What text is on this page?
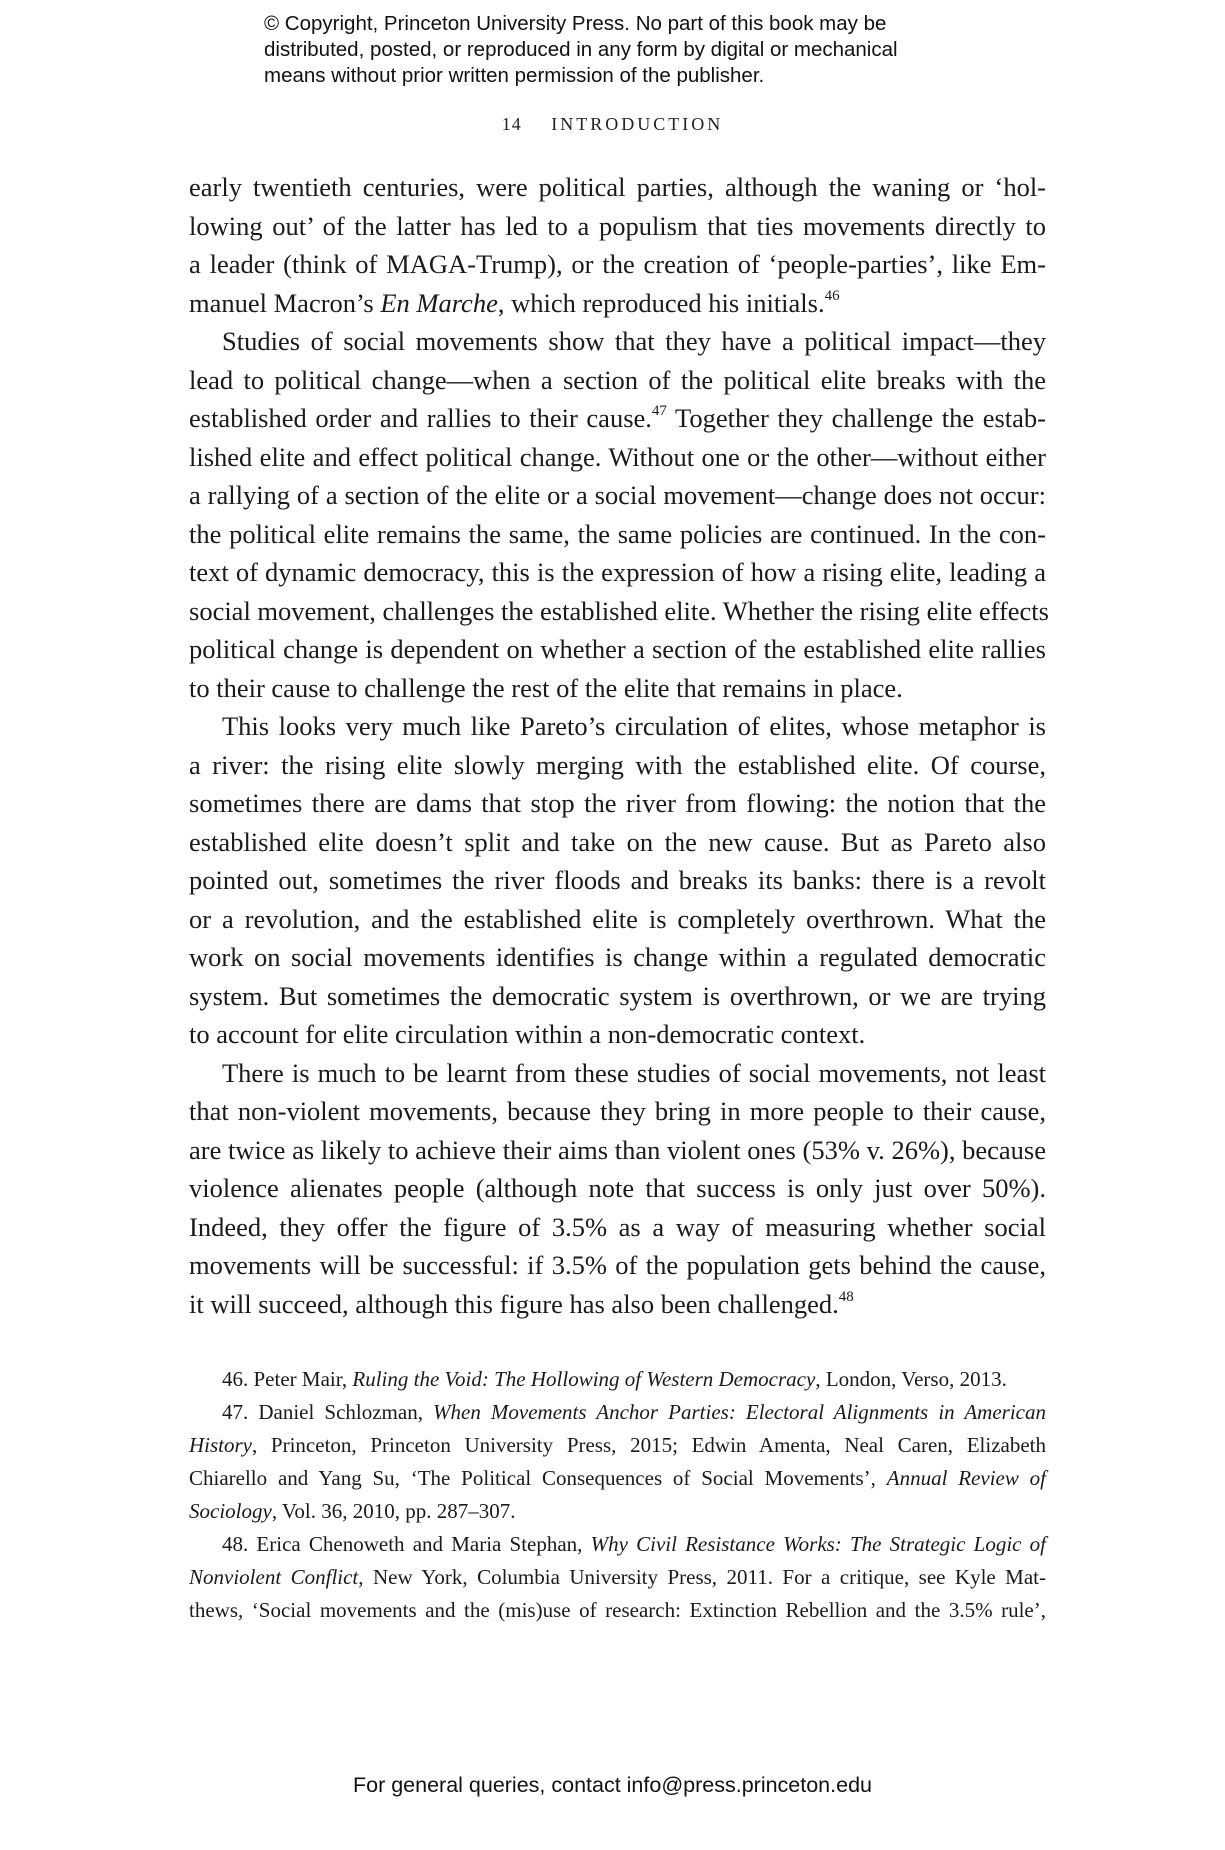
© Copyright, Princeton University Press. No part of this book may be
distributed, posted, or reproduced in any form by digital or mechanical
means without prior written permission of the publisher.
14 INTRODUCTION
early twentieth centuries, were political parties, although the waning or ‘hol-
lowing out’ of the latter has led to a populism that ties movements directly to
a leader (think of MAGA-Trump), or the creation of ‘people-parties’, like Em-
manuel Macron’s En Marche, which reproduced his initials.$^{46}$
Studies of social movements show that they have a political impact—they
lead to political change—when a section of the political elite breaks with the
established order and rallies to their cause.$^{47}$ Together they challenge the estab-
lished elite and effect political change. Without one or the other—without either
a rallying of a section of the elite or a social movement—change does not occur:
the political elite remains the same, the same policies are continued. In the con-
text of dynamic democracy, this is the expression of how a rising elite, leading a
social movement, challenges the established elite. Whether the rising elite effects
political change is dependent on whether a section of the established elite rallies
to their cause to challenge the rest of the elite that remains in place.
This looks very much like Pareto’s circulation of elites, whose metaphor is
a river: the rising elite slowly merging with the established elite. Of course,
sometimes there are dams that stop the river from flowing: the notion that the
established elite doesn’t split and take on the new cause. But as Pareto also
pointed out, sometimes the river floods and breaks its banks: there is a revolt
or a revolution, and the established elite is completely overthrown. What the
work on social movements identifies is change within a regulated democratic
system. But sometimes the democratic system is overthrown, or we are trying
to account for elite circulation within a non-democratic context.
There is much to be learnt from these studies of social movements, not least
that non-violent movements, because they bring in more people to their cause,
are twice as likely to achieve their aims than violent ones (53% v. 26%), because
violence alienates people (although note that success is only just over 50%).
Indeed, they offer the figure of 3.5% as a way of measuring whether social
movements will be successful: if 3.5% of the population gets behind the cause,
it will succeed, although this figure has also been challenged.$^{48}$
46. Peter Mair, Ruling the Void: The Hollowing of Western Democracy, London, Verso, 2013.
47. Daniel Schlozman, When Movements Anchor Parties: Electoral Alignments in American
History, Princeton, Princeton University Press, 2015; Edwin Amenta, Neal Caren, Elizabeth
Chiarello and Yang Su, ‘The Political Consequences of Social Movements’, Annual Review of
Sociology, Vol. 36, 2010, pp. 287–307.
48. Erica Chenoweth and Maria Stephan, Why Civil Resistance Works: The Strategic Logic of
Nonviolent Conflict, New York, Columbia University Press, 2011. For a critique, see Kyle Mat-
thews, ‘Social movements and the (mis)use of research: Extinction Rebellion and the 3.5% rule’,
For general queries, contact info@press.princeton.edu
